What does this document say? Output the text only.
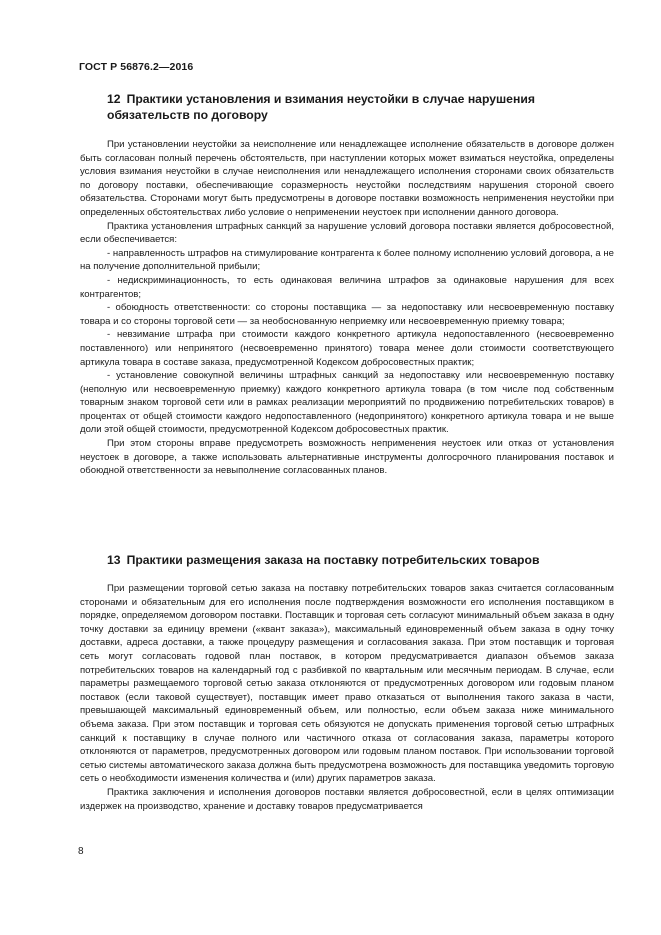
ГОСТ Р 56876.2—2016
12 Практики установления и взимания неустойки в случае нарушения обязательств по договору

При установлении неустойки за неисполнение или ненадлежащее исполнение обязательств в договоре должен быть согласован полный перечень обстоятельств, при наступлении которых может взиматься неустойка, определены условия взимания неустойки в случае неисполнения или ненадлежащего исполнения сторонами своих обязательств по договору поставки, обеспечивающие соразмерность неустойки последствиям нарушения стороной своего обязательства. Сторонами могут быть предусмотрены в договоре поставки возможность неприменения неустойки при определенных обстоятельствах либо условие о неприменении неустоек при исполнении данного договора.

Практика установления штрафных санкций за нарушение условий договора поставки является добросовестной, если обеспечивается:

- направленность штрафов на стимулирование контрагента к более полному исполнению условий договора, а не на получение дополнительной прибыли;

- недискриминационность, то есть одинаковая величина штрафов за одинаковые нарушения для всех контрагентов;

- обоюдность ответственности: со стороны поставщика — за недопоставку или несвоевременную поставку товара и со стороны торговой сети — за необоснованную неприемку или несвоевременную приемку товара;

- невзимание штрафа при стоимости каждого конкретного артикула недопоставленного (несвоевременно поставленного) или непринятого (несвоевременно принятого) товара менее доли стоимости соответствующего артикула товара в составе заказа, предусмотренной Кодексом добросовестных практик;

- установление совокупной величины штрафных санкций за недопоставку или несвоевременную поставку (неполную или несвоевременную приемку) каждого конкретного артикула товара (в том числе под собственным товарным знаком торговой сети или в рамках реализации мероприятий по продвижению потребительских товаров) в процентах от общей стоимости каждого недопоставленного (недопринятого) конкретного артикула товара и не выше доли этой общей стоимости, предусмотренной Кодексом добросовестных практик.

При этом стороны вправе предусмотреть возможность неприменения неустоек или отказ от установления неустоек в договоре, а также использовать альтернативные инструменты долгосрочного планирования поставок и обоюдной ответственности за невыполнение согласованных планов.

13 Практики размещения заказа на поставку потребительских товаров

При размещении торговой сетью заказа на поставку потребительских товаров заказ считается согласованным сторонами и обязательным для его исполнения после подтверждения возможности его исполнения поставщиком в порядке, определяемом договором поставки. Поставщик и торговая сеть согласуют минимальный объем заказа в одну точку доставки за единицу времени («квант заказа»), максимальный единовременный объем заказа в одну точку доставки, адреса доставки, а также процедуру размещения и согласования заказа. При этом поставщик и торговая сеть могут согласовать годовой план поставок, в котором предусматривается диапазон объемов заказа потребительских товаров на календарный год с разбивкой по квартальным или месячным периодам. В случае, если параметры размещаемого торговой сетью заказа отклоняются от предусмотренных договором или годовым планом поставок (если таковой существует), поставщик имеет право отказаться от выполнения такого заказа в части, превышающей максимальный единовременный объем, или полностью, если объем заказа ниже минимального объема заказа. При этом поставщик и торговая сеть обязуются не допускать применения торговой сетью штрафных санкций к поставщику в случае полного или частичного отказа от согласования заказа, параметры которого отклоняются от параметров, предусмотренных договором или годовым планом поставок. При использовании торговой сетью системы автоматического заказа должна быть предусмотрена возможность для поставщика уведомить торговую сеть о необходимости изменения количества и (или) других параметров заказа.

Практика заключения и исполнения договоров поставки является добросовестной, если в целях оптимизации издержек на производство, хранение и доставку товаров предусматривается

8
